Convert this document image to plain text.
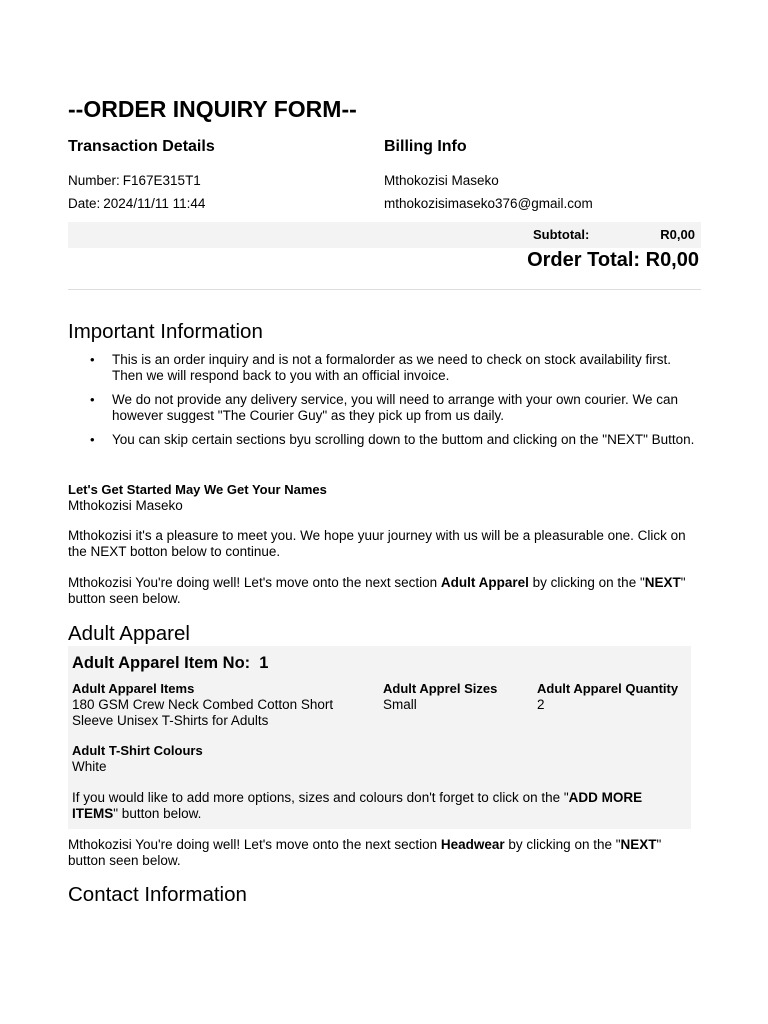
--ORDER INQUIRY FORM--
Transaction Details	Billing Info
Number: F167E315T1
Date: 2024/11/11 11:44
Mthokozisi Maseko
mthokozisimaseko376@gmail.com
Subtotal:	R0,00
Order Total: R0,00
Important Information
• This is an order inquiry and is not a formalorder as we need to check on stock availability first. Then we will respond back to you with an official invoice.
• We do not provide any delivery service, you will need to arrange with your own courier. We can however suggest "The Courier Guy" as they pick up from us daily.
• You can skip certain sections byu scrolling down to the buttom and clicking on the "NEXT" Button.
Let's Get Started May We Get Your Names
Mthokozisi Maseko

Mthokozisi it's a pleasure to meet you. We hope yuur journey with us will be a pleasurable one. Click on the NEXT botton below to continue.

Mthokozisi You're doing well! Let's move onto the next section Adult Apparel by clicking on the "NEXT" button seen below.

Adult Apparel
Adult Apparel Item No:  1
Adult Apparel Items
180 GSM Crew Neck Combed Cotton Short Sleeve Unisex T-Shirts for Adults
Adult Apprel Sizes
Small
Adult Apparel Quantity
2
Adult T-Shirt Colours
White

If you would like to add more options, sizes and colours don't forget to click on the "ADD MORE ITEMS" button below.

Mthokozisi You're doing well! Let's move onto the next section Headwear by clicking on the "NEXT" button seen below.

Contact Information
